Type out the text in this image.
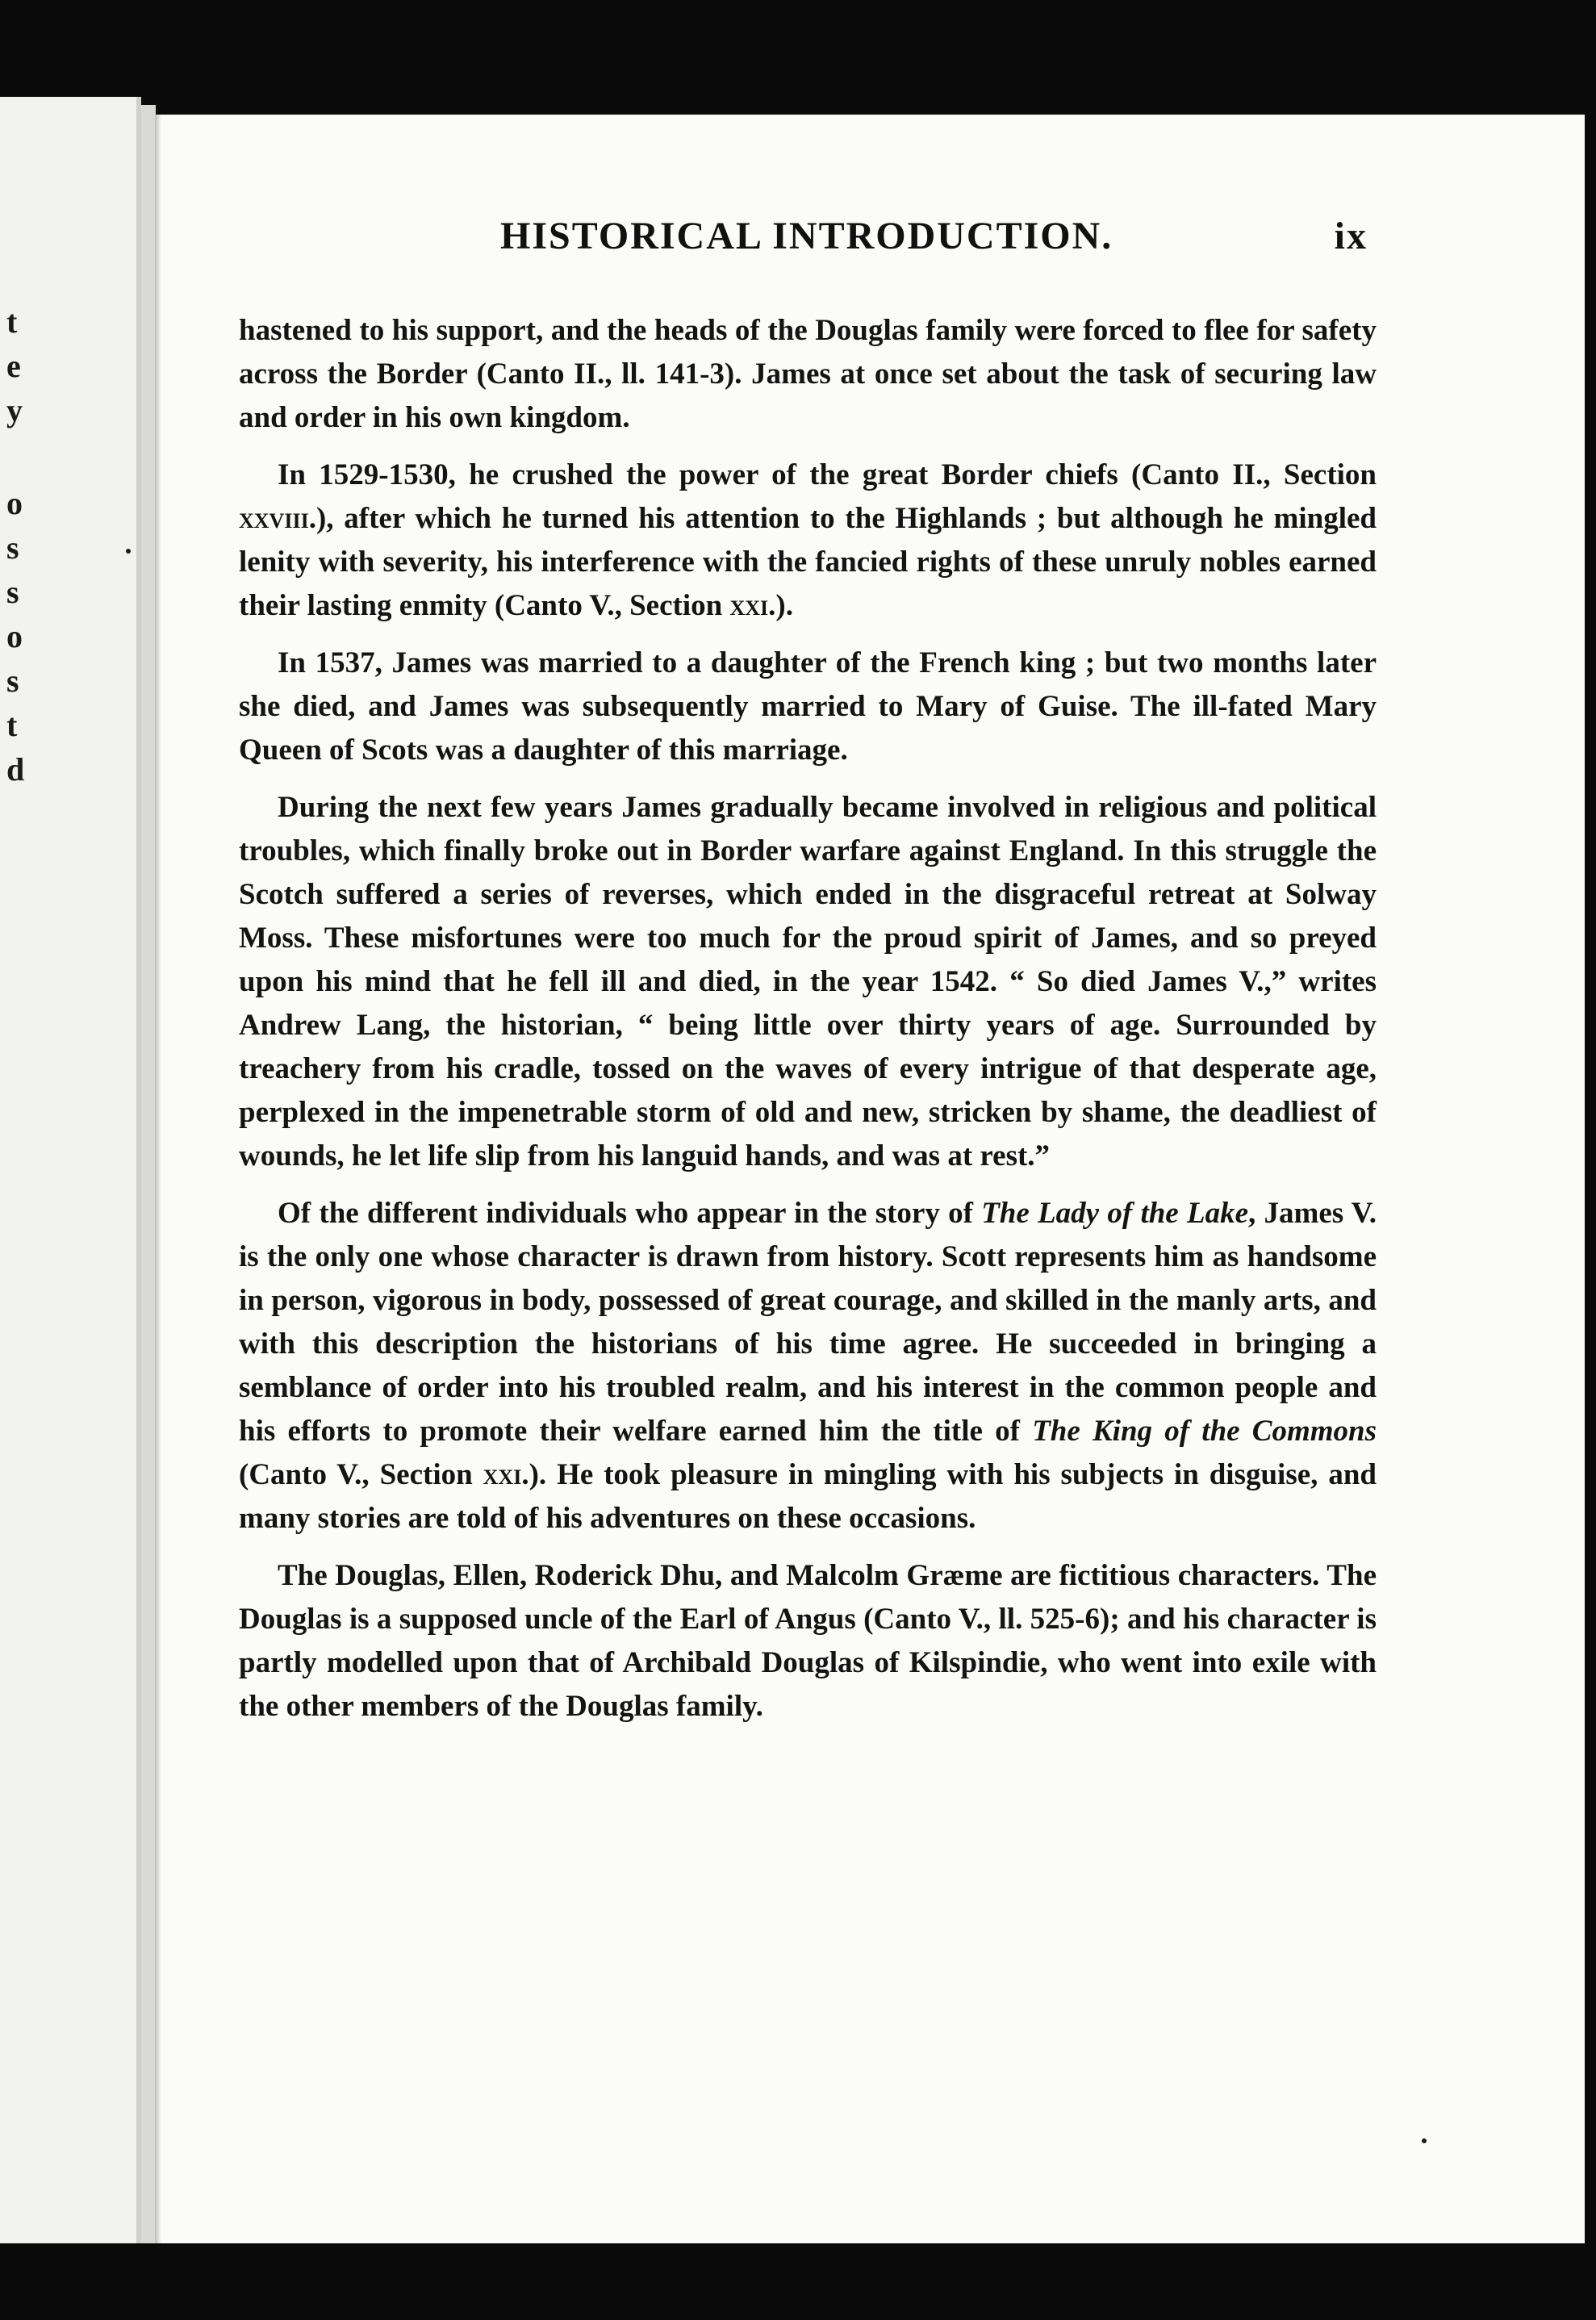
t

e

y

o

s

s

o

s

t

d

HISTORICAL INTRODUCTION.	ix

hastened to his support, and the heads of the Douglas family were forced to flee for safety across the Border (Canto II., ll. 141-3). James at once set about the task of securing law and order in his own kingdom.

In 1529-1530, he crushed the power of the great Border chiefs (Canto II., Section xxviii.), after which he turned his attention to the Highlands ; but although he mingled lenity with severity, his interference with the fancied rights of these unruly nobles earned their lasting enmity (Canto V., Section xxi.).

In 1537, James was married to a daughter of the French king ; but two months later she died, and James was subsequently married to Mary of Guise. The ill-fated Mary Queen of Scots was a daughter of this marriage.

During the next few years James gradually became involved in religious and political troubles, which finally broke out in Border warfare against England. In this struggle the Scotch suffered a series of reverses, which ended in the disgraceful retreat at Solway Moss. These misfortunes were too much for the proud spirit of James, and so preyed upon his mind that he fell ill and died, in the year 1542. “ So died James V.,” writes Andrew Lang, the historian, “ being little over thirty years of age. Surrounded by treachery from his cradle, tossed on the waves of every intrigue of that desperate age, perplexed in the impenetrable storm of old and new, stricken by shame, the deadliest of wounds, he let life slip from his languid hands, and was at rest.”

Of the different individuals who appear in the story of The Lady of the Lake, James V. is the only one whose character is drawn from history. Scott represents him as handsome in person, vigorous in body, possessed of great courage, and skilled in the manly arts, and with this description the historians of his time agree. He succeeded in bringing a semblance of order into his troubled realm, and his interest in the common people and his efforts to promote their welfare earned him the title of The King of the Commons (Canto V., Section xxi.). He took pleasure in mingling with his subjects in disguise, and many stories are told of his adventures on these occasions.

The Douglas, Ellen, Roderick Dhu, and Malcolm Græme are fictitious characters. The Douglas is a supposed uncle of the Earl of Angus (Canto V., ll. 525-6); and his character is partly modelled upon that of Archibald Douglas of Kilspindie, who went into exile with the other members of the Douglas family.
